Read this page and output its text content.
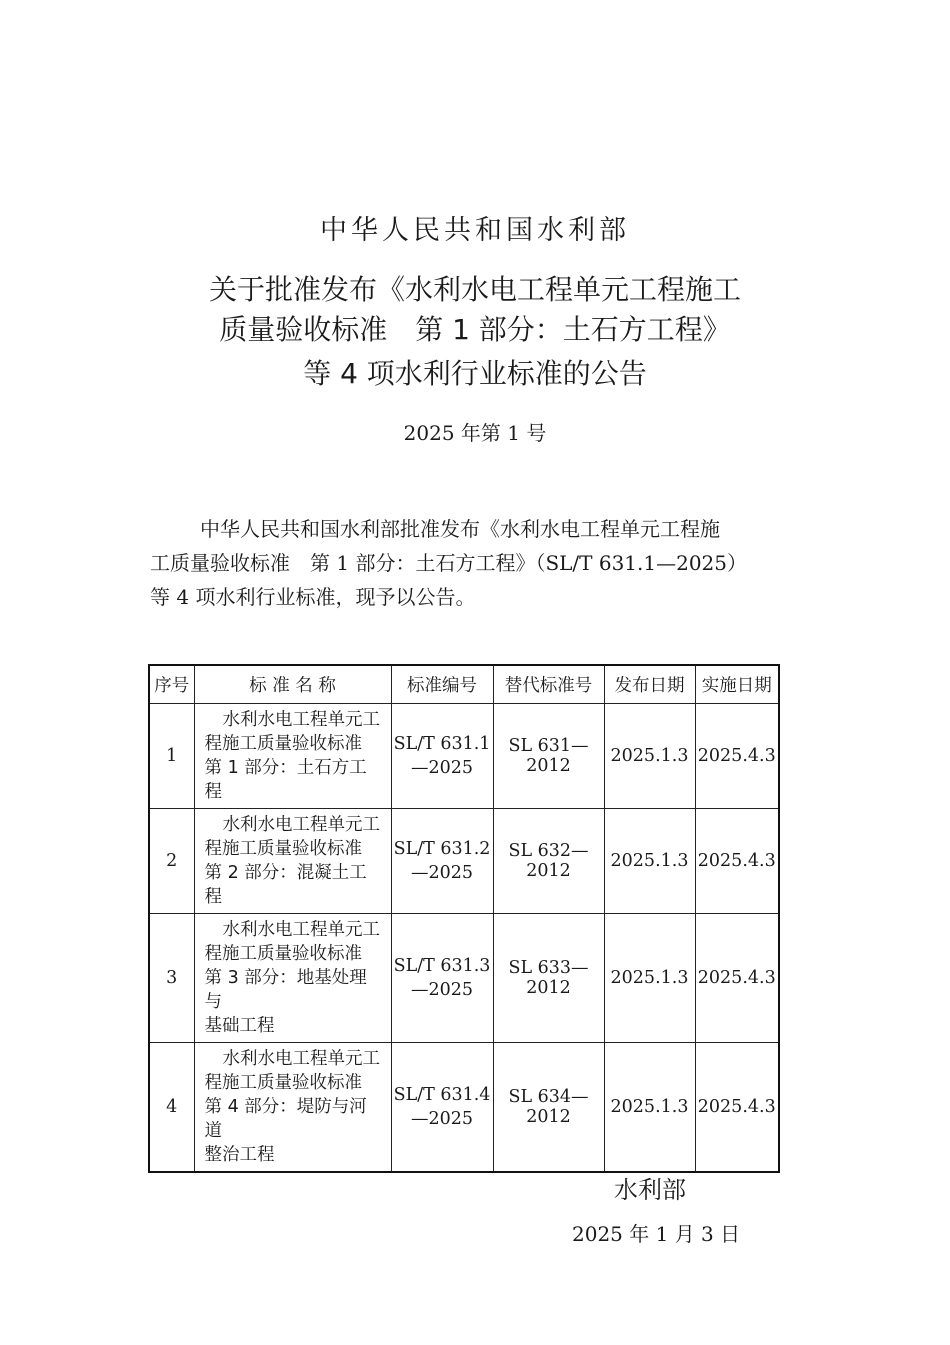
中华人民共和国水利部
关于批准发布《水利水电工程单元工程施工
质量验收标准　第 1 部分：土石方工程》
等 4 项水利行业标准的公告
2025 年第 1 号

中华人民共和国水利部批准发布《水利水电工程单元工程施

工质量验收标准　第 1 部分：土石方工程》（SL/T 631.1—2025）

等 4 项水利行业标准，现予以公告。

序号	标 准 名 称	标准编号	替代标准号	发布日期	实施日期
1	水利水电工程单元工
程施工质量验收标准
第 1 部分：土石方工程	SL/T 631.1
—2025	SL 631—2012	2025.1.3	2025.4.3
2	水利水电工程单元工
程施工质量验收标准
第 2 部分：混凝土工程	SL/T 631.2
—2025	SL 632—2012	2025.1.3	2025.4.3
3	水利水电工程单元工
程施工质量验收标准
第 3 部分：地基处理与
基础工程	SL/T 631.3
—2025	SL 633—2012	2025.1.3	2025.4.3
4	水利水电工程单元工
程施工质量验收标准
第 4 部分：堤防与河道
整治工程	SL/T 631.4
—2025	SL 634—2012	2025.1.3	2025.4.3
水利部
2025 年 1 月 3 日
